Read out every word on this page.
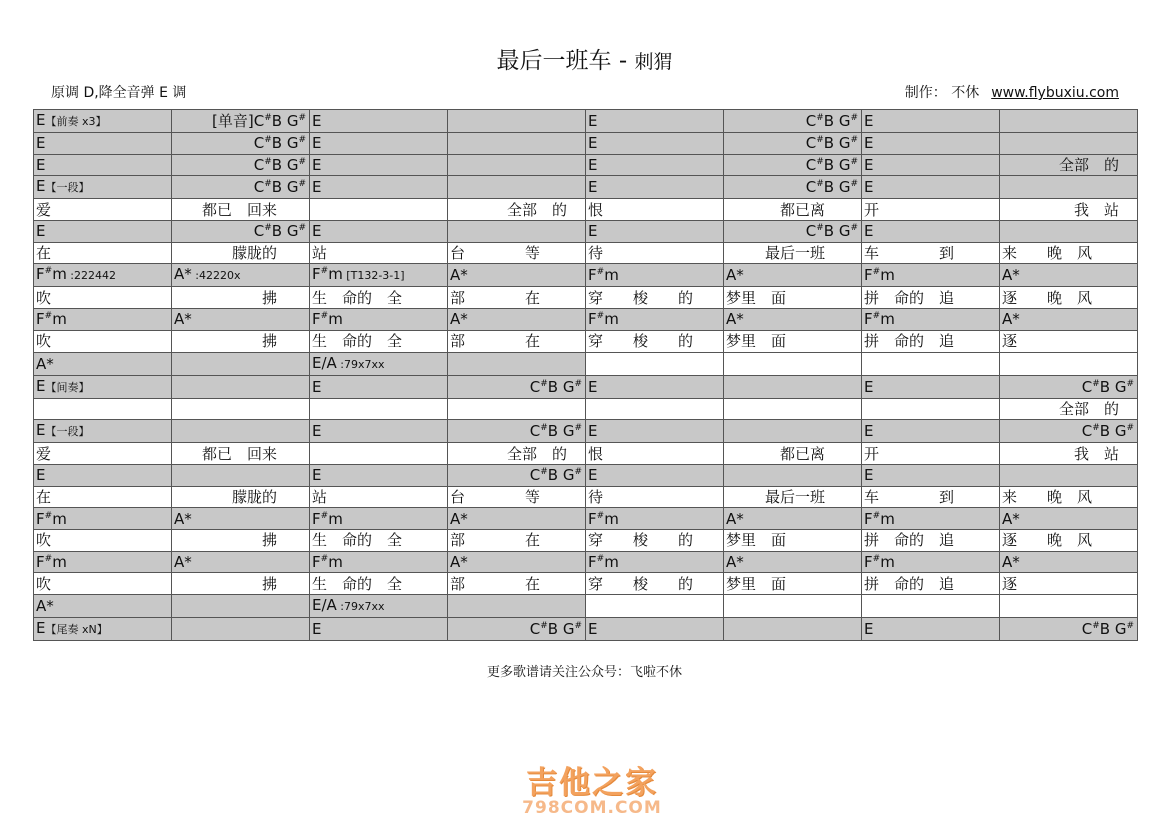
最后一班车 - 刺猬
原调 D,降全音弹 E 调	制作： 不休 www.flybuxiu.com
E【前奏 x3】	[单音]C#B G#	E		E	C#B G#	E	
E	C#B G#	E		E	C#B G#	E	
E	C#B G#	E		E	C#B G#	E	全部　的
E【一段】	C#B G#	E		E	C#B G#	E	
爱	都已　回来		全部　的	恨	都已离	开	我　站
E	C#B G#	E		E	C#B G#	E	
在	朦胧的	站	台　　　　等	待	最后一班	车　　　　到	来　　晚　风
F#m :222442	A* :42220x	F#m [T132-3-1]	A*	F#m	A*	F#m	A*
吹	拂	生　命的　全	部　　　　在	穿　　梭　　的	梦里　面	拼　命的　追	逐　　晚　风
F#m	A*	F#m	A*	F#m	A*	F#m	A*
吹	拂	生　命的　全	部　　　　在	穿　　梭　　的	梦里　面	拼　命的　追	逐
A*		E/A :79x7xx					
E【间奏】		E	C#B G#	E		E	C#B G#
							全部　的
E【一段】		E	C#B G#	E		E	C#B G#
爱	都已　回来		全部　的	恨	都已离	开	我　站
E		E	C#B G#	E		E	
在	朦胧的	站	台　　　　等	待	最后一班	车　　　　到	来　　晚　风
F#m	A*	F#m	A*	F#m	A*	F#m	A*
吹	拂	生　命的　全	部　　　　在	穿　　梭　　的	梦里　面	拼　命的　追	逐　　晚　风
F#m	A*	F#m	A*	F#m	A*	F#m	A*
吹	拂	生　命的　全	部　　　　在	穿　　梭　　的	梦里　面	拼　命的　追	逐
A*		E/A :79x7xx					
E【尾奏 xN】		E	C#B G#	E		E	C#B G#
更多歌谱请关注公众号：飞啦不休
吉他之家
798COM.COM
